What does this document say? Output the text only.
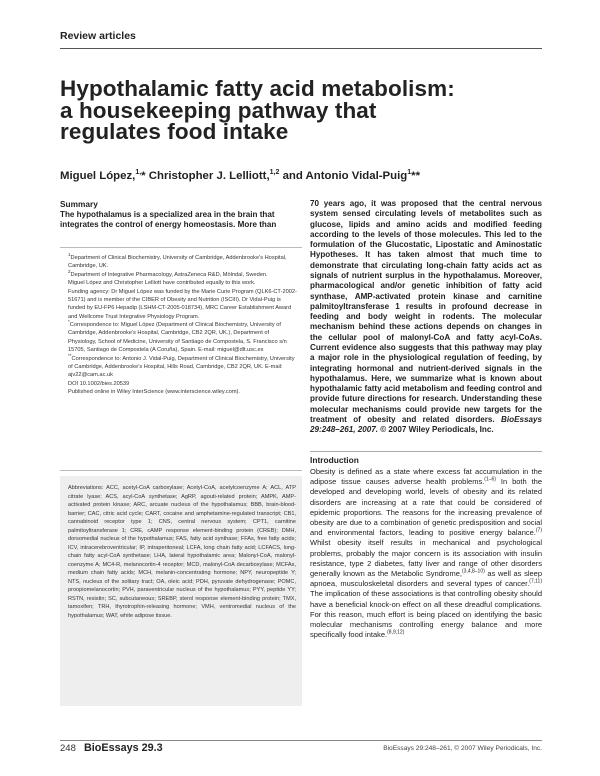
Review articles
Hypothalamic fatty acid metabolism: a housekeeping pathway that regulates food intake
Miguel López,$^{1,}$* Christopher J. Lelliott,$^{1,2}$ and Antonio Vidal-Puig$^1$**
Summary

The hypothalamus is a specialized area in the brain that integrates the control of energy homeostasis. More than

$^1$Department of Clinical Biochemistry, University of Cambridge, Addenbrooke's Hospital, Cambridge, UK.

$^2$Department of Integrative Pharmacology, AstraZeneca R&D, Mölndal, Sweden.

Miguel López and Christopher Lelliott have contributed equally to this work.

Funding agency: Dr Miguel López was funded by the Marie Curie Program (QLK6-CT-2002-51671) and is member of the CIBER of Obesity and Nutrition (ISCIII). Dr Vidal-Puig is funded by EU-FP6 Hepadip (LSHM-CT-2005-018734), MRC Career Establishment Award and Wellcome Trust Integrative Physiology Program.

*Correspondence to: Miguel López (Department of Clinical Biochemistry, University of Cambridge, Addenbrooke's Hospital, Cambridge, CB2 2QR, UK.), Department of Physiology, School of Medicine, University of Santiago de Compostela, S. Francisco s/n 15705, Santiago de Compostela (A Coruña), Spain. E-mail: miguel@dlt.usc.es

**Correspondence to: Antonio J. Vidal-Puig, Department of Clinical Biochemistry, University of Cambridge, Addenbrooke's Hospital, Hills Road, Cambridge, CB2 2QR, UK. E-mail: ajv22@cam.ac.uk

DOI 10.1002/bies.20539

Published online in Wiley InterScience (www.interscience.wiley.com).

Abbreviations: ACC, acetyl-CoA carboxylase; AcetyI-CoA, acetylcoenzyme A; ACL, ATP citrate lyase; ACS, acyl-CoA synthetase; AgRP, agouti-related protein; AMPK, AMP-activated protein kinase; ARC, arcuate nucleus of the hypothalamus; BBB, brain-blood-barrier; CAC, citric acid cycle; CART, cocaine and amphetamine-regulated transcript; CB1, cannabinoid receptor type 1; CNS, central nervous system; CPT1, carnitine palmitoyltransferase 1; CRE, cAMP response element-binding protein (CREB); DMH, dorsomedial nucleus of the hypothalamus; FAS, fatty acid synthase; FFAs, free fatty acids; ICV, intracerebroventricular; IP, intraperitoneal; LCFA, long chain fatty acid; LCFACS, long-chain fatty acyl-CoA synthetase; LHA, lateral hypothalamic area; Malonyl-CoA, malonyl-coenzyme A; MC4-R, melanocortin-4 receptor; MCD, malonyl-CoA decarboxylase; MCFAs, medium chain fatty acids; MCH, melanin-concentrating hormone; NPY, neuropeptide Y; NTS, nucleus of the solitary tract; OA, oleic acid; PDH, pyruvate dehydrogenase; POMC, proopiomelanocortin; PVH, paraventricular nucleus of the hypothalamus; PYY, peptide YY; RSTN, resistin; SC, subcutaneous; SREBP, sterol response element-binding protein; TMX, tamoxifen; TRH, thyrotrophin-releasing hormone; VMH, ventromedial nucleus of the hypothalamus; WAT, white adipose tissue.

70 years ago, it was proposed that the central nervous system sensed circulating levels of metabolites such as glucose, lipids and amino acids and modified feeding according to the levels of those molecules. This led to the formulation of the Glucostatic, Lipostatic and Aminostatic Hypotheses. It has taken almost that much time to demonstrate that circulating long-chain fatty acids act as signals of nutrient surplus in the hypothalamus. Moreover, pharmacological and/or genetic inhibition of fatty acid synthase, AMP-activated protein kinase and carnitine palmitoyltransferase 1 results in profound decrease in feeding and body weight in rodents. The molecular mechanism behind these actions depends on changes in the cellular pool of malonyl-CoA and fatty acyl-CoAs. Current evidence also suggests that this pathway may play a major role in the physiological regulation of feeding, by integrating hormonal and nutrient-derived signals in the hypothalamus. Here, we summarize what is known about hypothalamic fatty acid metabolism and feeding control and provide future directions for research. Understanding these molecular mechanisms could provide new targets for the treatment of obesity and related disorders. BioEssays 29:248–261, 2007. © 2007 Wiley Periodicals, Inc.

Introduction

Obesity is defined as a state where excess fat accumulation in the adipose tissue causes adverse health problems.$^{(1-6)}$ In both the developed and developing world, levels of obesity and its related disorders are increasing at a rate that could be considered of epidemic proportions. The reasons for the increasing prevalence of obesity are due to a combination of genetic predisposition and social and environmental factors, leading to positive energy balance.$^{(7)}$ Whilst obesity itself results in mechanical and psychological problems, probably the major concern is its association with insulin resistance, type 2 diabetes, fatty liver and range of other disorders generally known as the Metabolic Syndrome,$^{(3,4,8-10)}$ as well as sleep apnoea, musculoskeletal disorders and several types of cancer.$^{(7,11)}$ The implication of these associations is that controlling obesity should have a beneficial knock-on effect on all these dreadful complications. For this reason, much effort is being placed on identifying the basic molecular mechanisms controlling energy balance and more specifically food intake.$^{(8,9,12)}$

248 BioEssays 29.3	BioEssays 29:248–261, © 2007 Wiley Periodicals, Inc.
